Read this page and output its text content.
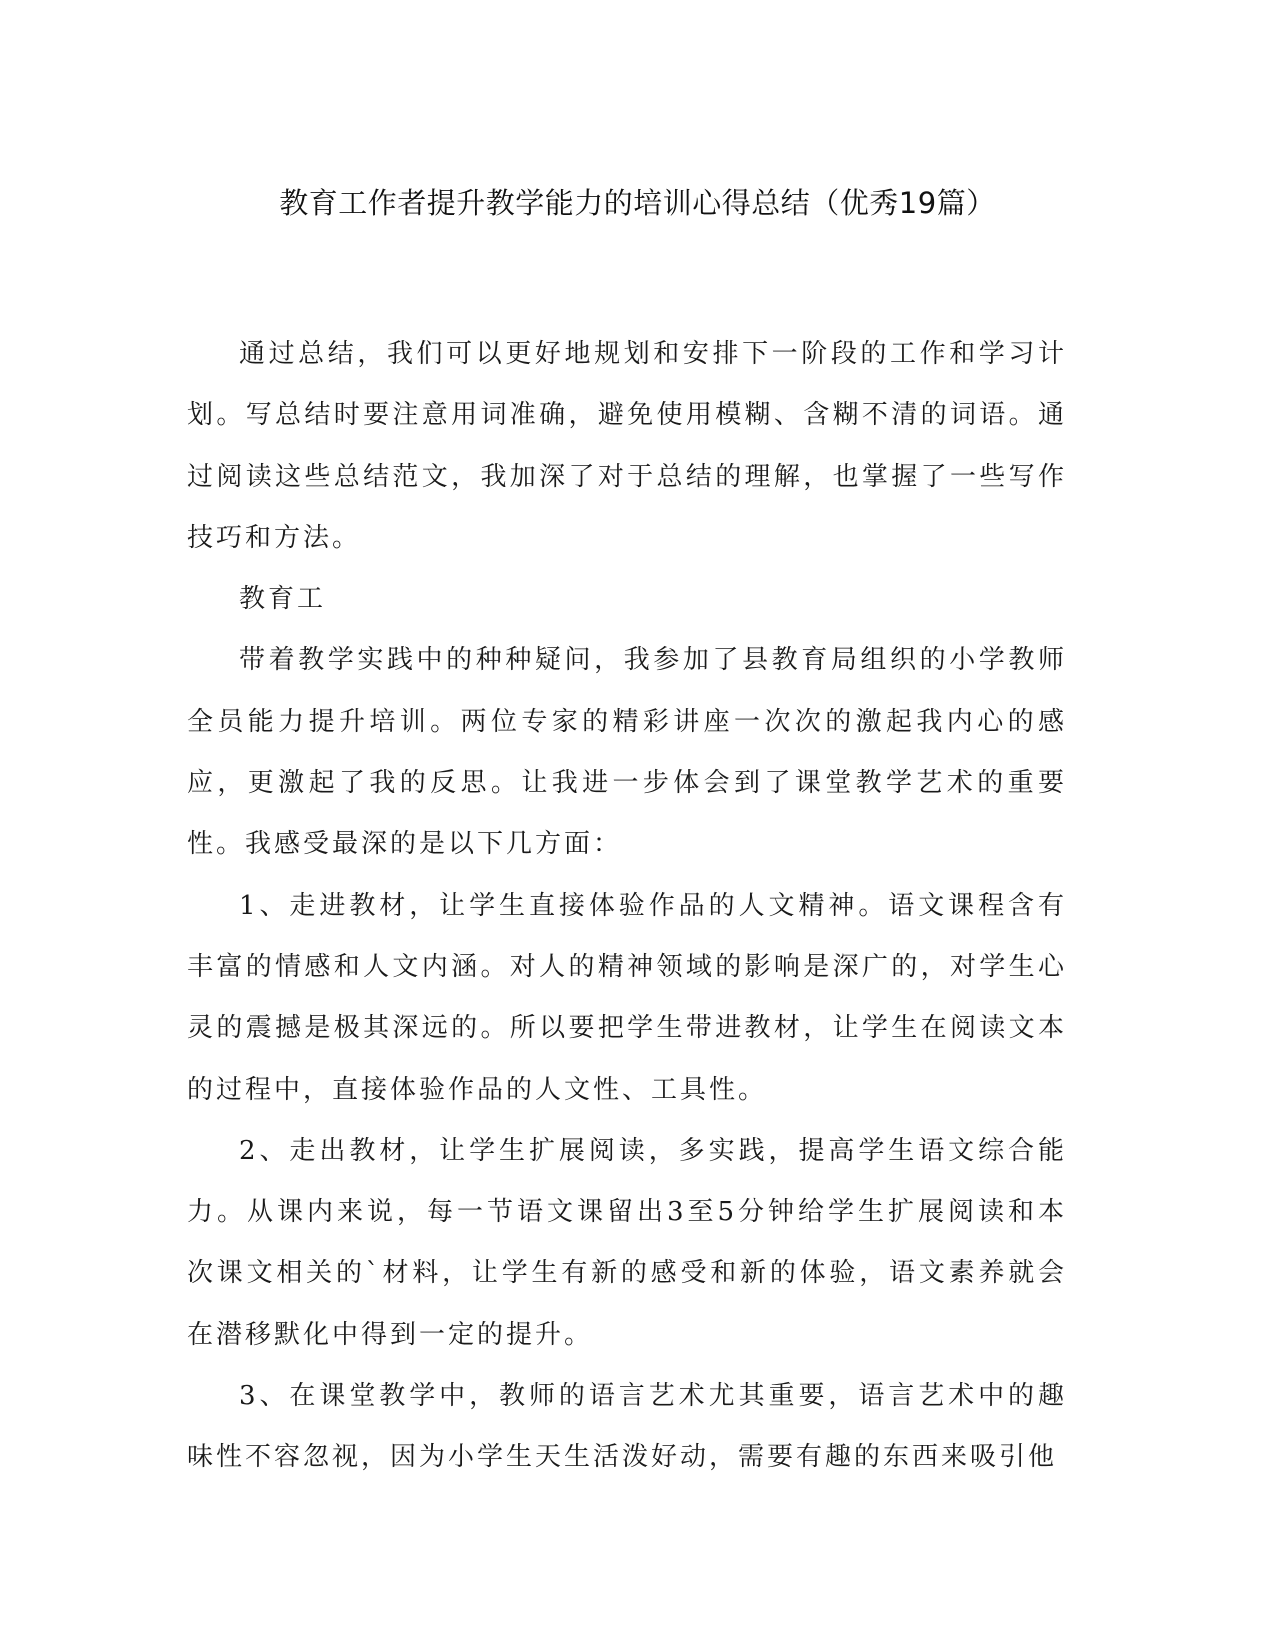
教育工作者提升教学能力的培训心得总结（优秀19篇）

通过总结，我们可以更好地规划和安排下一阶段的工作和学习计划。写总结时要注意用词准确，避免使用模糊、含糊不清的词语。通过阅读这些总结范文，我加深了对于总结的理解，也掌握了一些写作技巧和方法。

教育工

带着教学实践中的种种疑问，我参加了县教育局组织的小学教师全员能力提升培训。两位专家的精彩讲座一次次的激起我内心的感应，更激起了我的反思。让我进一步体会到了课堂教学艺术的重要性。我感受最深的是以下几方面：

1、走进教材，让学生直接体验作品的人文精神。语文课程含有丰富的情感和人文内涵。对人的精神领域的影响是深广的，对学生心灵的震撼是极其深远的。所以要把学生带进教材，让学生在阅读文本的过程中，直接体验作品的人文性、工具性。

2、走出教材，让学生扩展阅读，多实践，提高学生语文综合能力。从课内来说，每一节语文课留出3至5分钟给学生扩展阅读和本次课文相关的`材料，让学生有新的感受和新的体验，语文素养就会在潜移默化中得到一定的提升。

3、在课堂教学中，教师的语言艺术尤其重要，语言艺术中的趣味性不容忽视，因为小学生天生活泼好动，需要有趣的东西来吸引他
